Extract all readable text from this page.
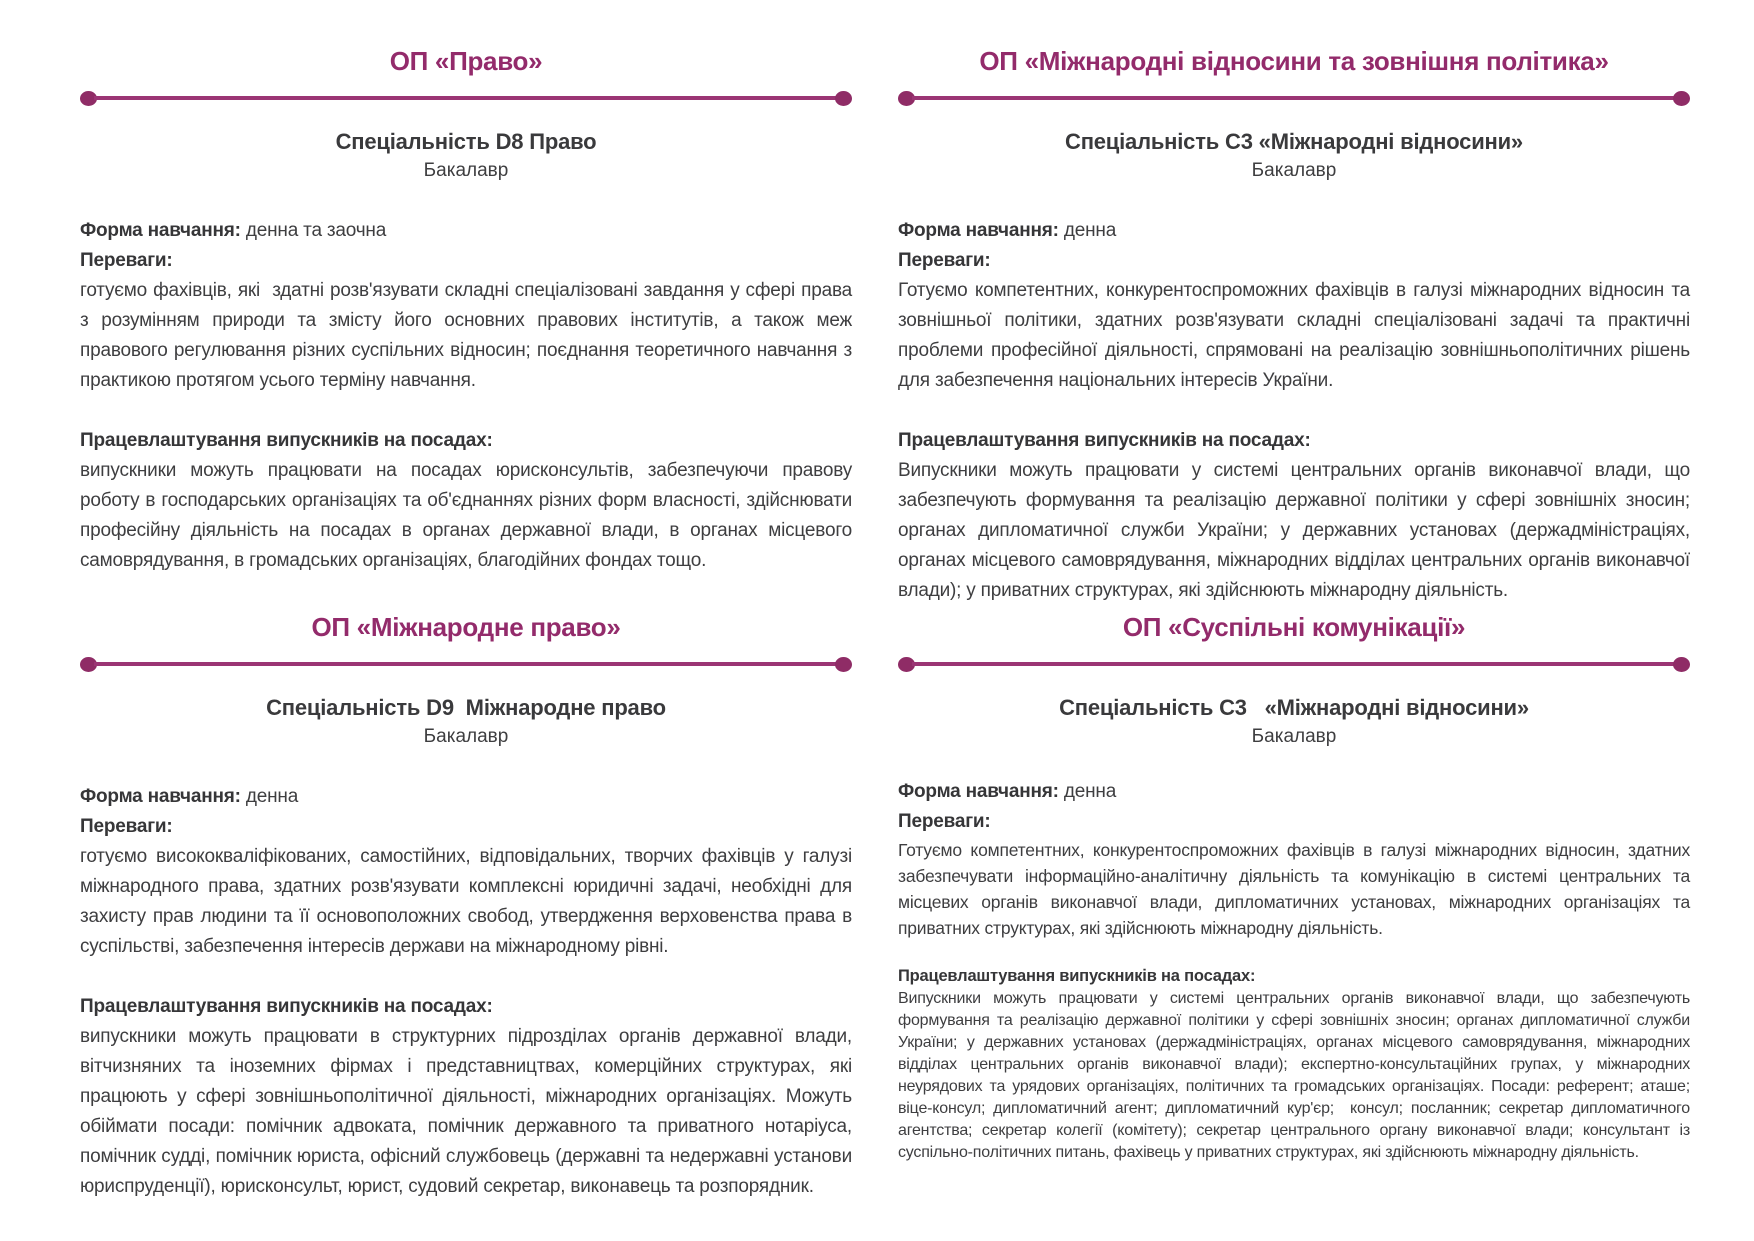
ОП «Право»
Спеціальність D8 Право
Бакалавр

Форма навчання: денна та заочна

Переваги:

готуємо фахівців, які  здатні розв'язувати складні спеціалізовані завдання у сфері права з розумінням природи та змісту його основних правових інститутів, а також меж правового регулювання різних суспільних відносин; поєднання теоретичного навчання з практикою протягом усього терміну навчання.

Працевлаштування випускників на посадах:

випускники можуть працювати на посадах юрисконсультів, забезпечуючи правову роботу в господарських організаціях та об'єднаннях різних форм власності, здійснювати професійну діяльність на посадах в органах державної влади, в органах місцевого самоврядування, в громадських організаціях, благодійних фондах тощо.

ОП «Міжнародні відносини та зовнішня політика»
Спеціальність С3 «Міжнародні відносини»
Бакалавр

Форма навчання: денна

Переваги:

Готуємо компетентних, конкурентоспроможних фахівців в галузі міжнародних відносин та зовнішньої політики, здатних розв'язувати складні спеціалізовані задачі та практичні проблеми професійної діяльності, спрямовані на реалізацію зовнішньополітичних рішень для забезпечення національних інтересів України.

Працевлаштування випускників на посадах:

Випускники можуть працювати у системі центральних органів виконавчої влади, що забезпечують формування та реалізацію державної політики у сфері зовнішніх зносин; органах дипломатичної служби України; у державних установах (держадміністраціях, органах місцевого самоврядування, міжнародних відділах центральних органів виконавчої влади); у приватних структурах, які здійснюють міжнародну діяльність.

ОП «Міжнародне право»
Спеціальність D9  Міжнародне право
Бакалавр

Форма навчання: денна

Переваги:

готуємо висококваліфікованих, самостійних, відповідальних, творчих фахівців у галузі міжнародного права, здатних розв'язувати комплексні юридичні задачі, необхідні для захисту прав людини та її основоположних свобод, утвердження верховенства права в суспільстві, забезпечення інтересів держави на міжнародному рівні.

Працевлаштування випускників на посадах:

випускники можуть працювати в структурних підрозділах органів державної влади, вітчизняних та іноземних фірмах і представництвах, комерційних структурах, які працюють у сфері зовнішньополітичної діяльності, міжнародних організаціях. Можуть обіймати посади: помічник адвоката, помічник державного та приватного нотаріуса, помічник судді, помічник юриста, офісний службовець (державні та недержавні установи юриспруденції), юрисконсульт, юрист, судовий секретар, виконавець та розпорядник.

ОП «Суспільні комунікації»
Спеціальність С3   «Міжнародні відносини»
Бакалавр

Форма навчання: денна

Переваги:

Готуємо компетентних, конкурентоспроможних фахівців в галузі міжнародних відносин, здатних забезпечувати інформаційно-аналітичну діяльність та комунікацію в системі центральних та місцевих органів виконавчої влади, дипломатичних установах, міжнародних організаціях та приватних структурах, які здійснюють міжнародну діяльність.

Працевлаштування випускників на посадах:

Випускники можуть працювати у системі центральних органів виконавчої влади, що забезпечують формування та реалізацію державної політики у сфері зовнішніх зносин; органах дипломатичної служби України; у державних установах (держадміністраціях, органах місцевого самоврядування, міжнародних відділах центральних органів виконавчої влади); експертно-консультаційних групах, у міжнародних неурядових та урядових організаціях, політичних та громадських організаціях. Посади: референт; аташе; віце-консул; дипломатичний агент; дипломатичний кур'єр;  консул; посланник; секретар дипломатичного агентства; секретар колегії (комітету); секретар центрального органу виконавчої влади; консультант із суспільно-політичних питань, фахівець у приватних структурах, які здійснюють міжнародну діяльність.
